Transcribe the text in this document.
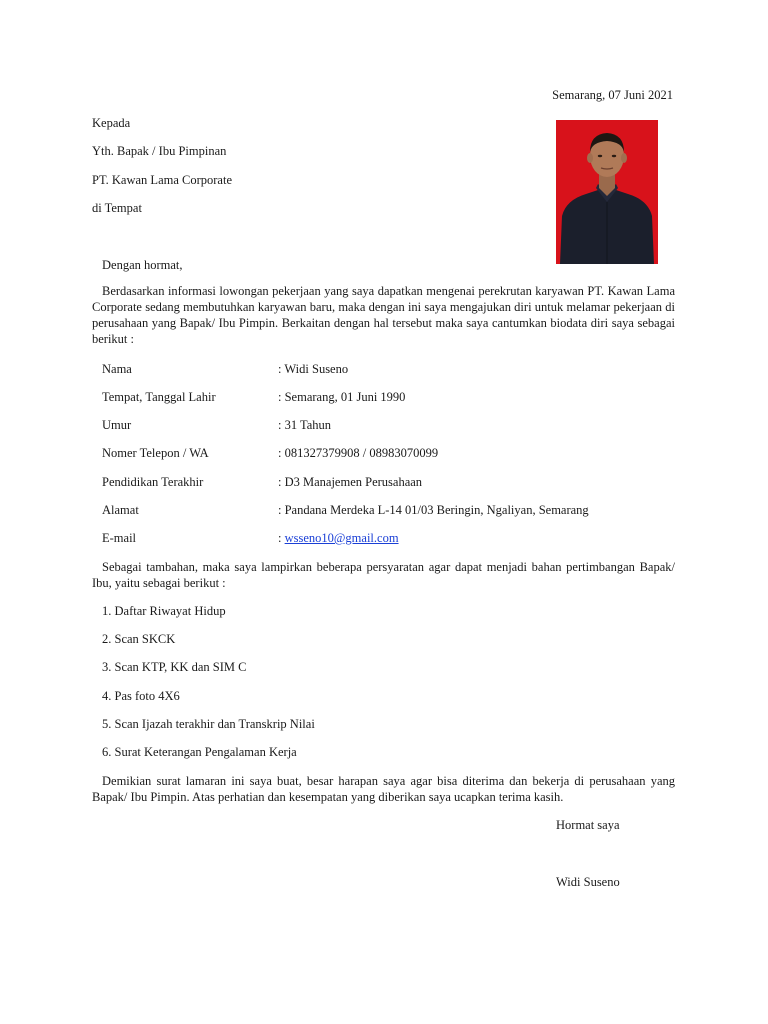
Semarang, 07 Juni 2021
Kepada
Yth. Bapak / Ibu Pimpinan
PT. Kawan Lama Corporate
di Tempat
Dengan hormat,
Berdasarkan informasi lowongan pekerjaan yang saya dapatkan mengenai perekrutan karyawan PT. Kawan Lama Corporate sedang membutuhkan karyawan baru, maka dengan ini saya mengajukan diri untuk melamar pekerjaan di perusahaan yang Bapak/ Ibu Pimpin. Berkaitan dengan hal tersebut maka saya cantumkan biodata diri saya sebagai berikut :
Nama	: Widi Suseno
Tempat, Tanggal Lahir	: Semarang, 01 Juni 1990
Umur	: 31 Tahun
Nomer Telepon / WA	: 081327379908 / 08983070099
Pendidikan Terakhir	: D3 Manajemen Perusahaan
Alamat	: Pandana Merdeka L-14 01/03 Beringin, Ngaliyan, Semarang
E-mail	: wsseno10@gmail.com
Sebagai tambahan, maka saya lampirkan beberapa persyaratan agar dapat menjadi bahan pertimbangan Bapak/ Ibu, yaitu sebagai berikut :
1. Daftar Riwayat Hidup
2. Scan SKCK
3. Scan KTP, KK dan SIM C
4. Pas foto 4X6
5. Scan Ijazah terakhir dan Transkrip Nilai
6. Surat Keterangan Pengalaman Kerja
Demikian surat lamaran ini saya buat, besar harapan saya agar bisa diterima dan bekerja di perusahaan yang Bapak/ Ibu Pimpin. Atas perhatian dan kesempatan yang diberikan saya ucapkan terima kasih.
Hormat saya
Widi Suseno
